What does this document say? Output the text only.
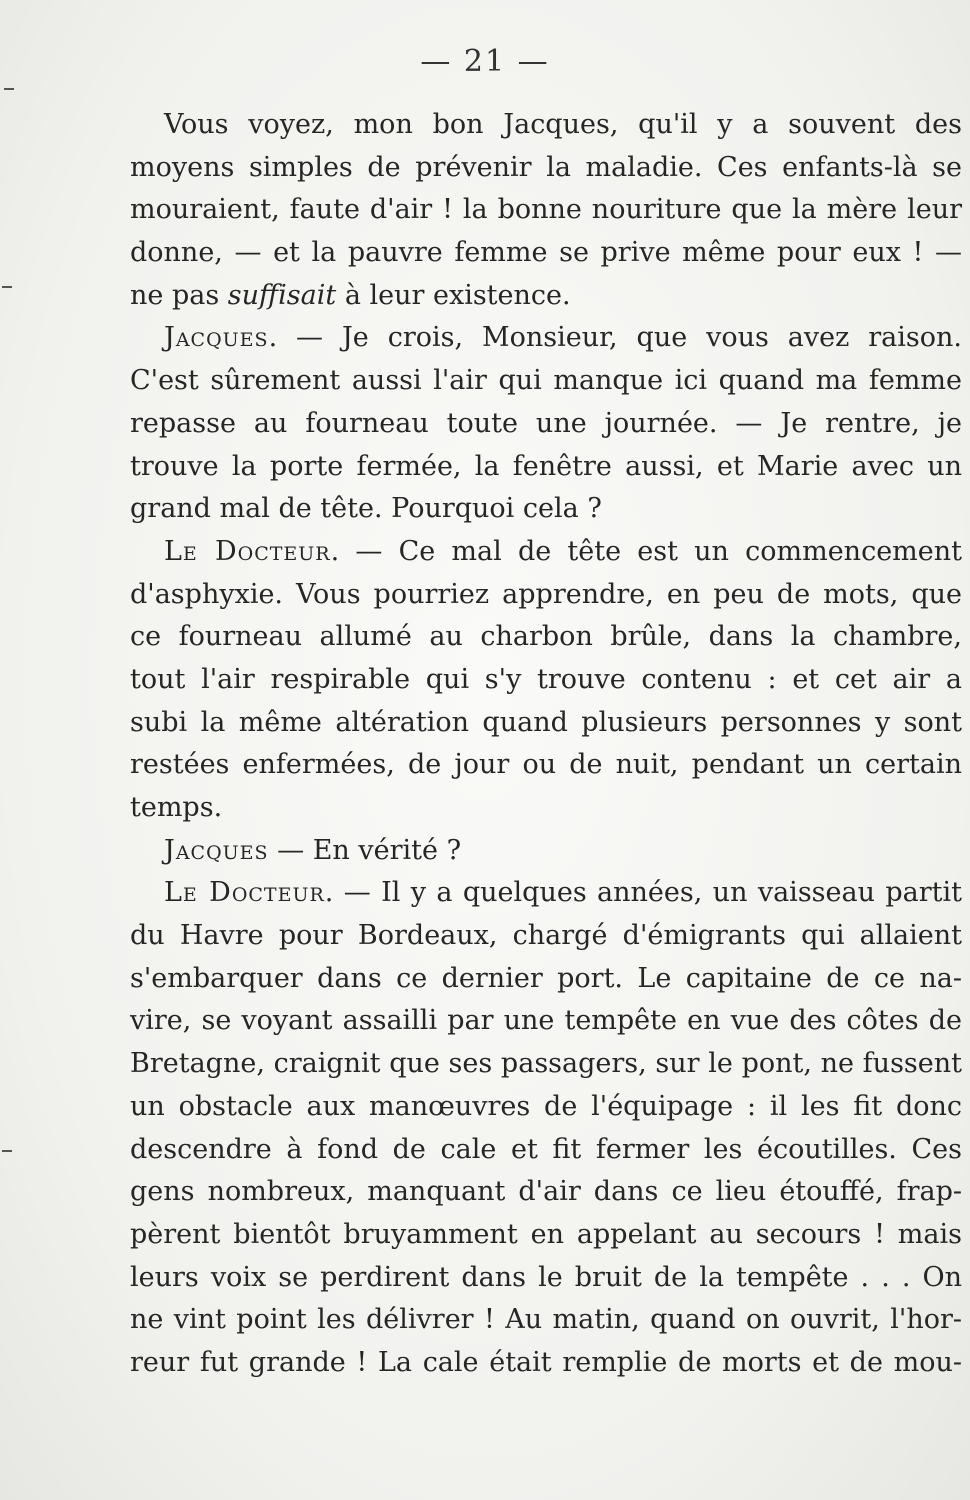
— 21 —
Vous voyez, mon bon Jacques, qu'il y a souvent des
moyens simples de prévenir la maladie. Ces enfants-là se
mouraient, faute d'air ! la bonne nouriture que la mère leur
donne, — et la pauvre femme se prive même pour eux ! —
ne pas suffisait à leur existence.
Jacques. — Je crois, Monsieur, que vous avez raison.
C'est sûrement aussi l'air qui manque ici quand ma femme
repasse au fourneau toute une journée. — Je rentre, je
trouve la porte fermée, la fenêtre aussi, et Marie avec un
grand mal de tête. Pourquoi cela ?
Le Docteur. — Ce mal de tête est un commencement
d'asphyxie. Vous pourriez apprendre, en peu de mots, que
ce fourneau allumé au charbon brûle, dans la chambre,
tout l'air respirable qui s'y trouve contenu : et cet air a
subi la même altération quand plusieurs personnes y sont
restées enfermées, de jour ou de nuit, pendant un certain
temps.
Jacques — En vérité ?
Le Docteur. — Il y a quelques années, un vaisseau partit
du Havre pour Bordeaux, chargé d'émigrants qui allaient
s'embarquer dans ce dernier port. Le capitaine de ce na-
vire, se voyant assailli par une tempête en vue des côtes de
Bretagne, craignit que ses passagers, sur le pont, ne fussent
un obstacle aux manœuvres de l'équipage : il les fit donc
descendre à fond de cale et fit fermer les écoutilles. Ces
gens nombreux, manquant d'air dans ce lieu étouffé, frap-
pèrent bientôt bruyamment en appelant au secours ! mais
leurs voix se perdirent dans le bruit de la tempête . . . On
ne vint point les délivrer ! Au matin, quand on ouvrit, l'hor-
reur fut grande ! La cale était remplie de morts et de mou-
